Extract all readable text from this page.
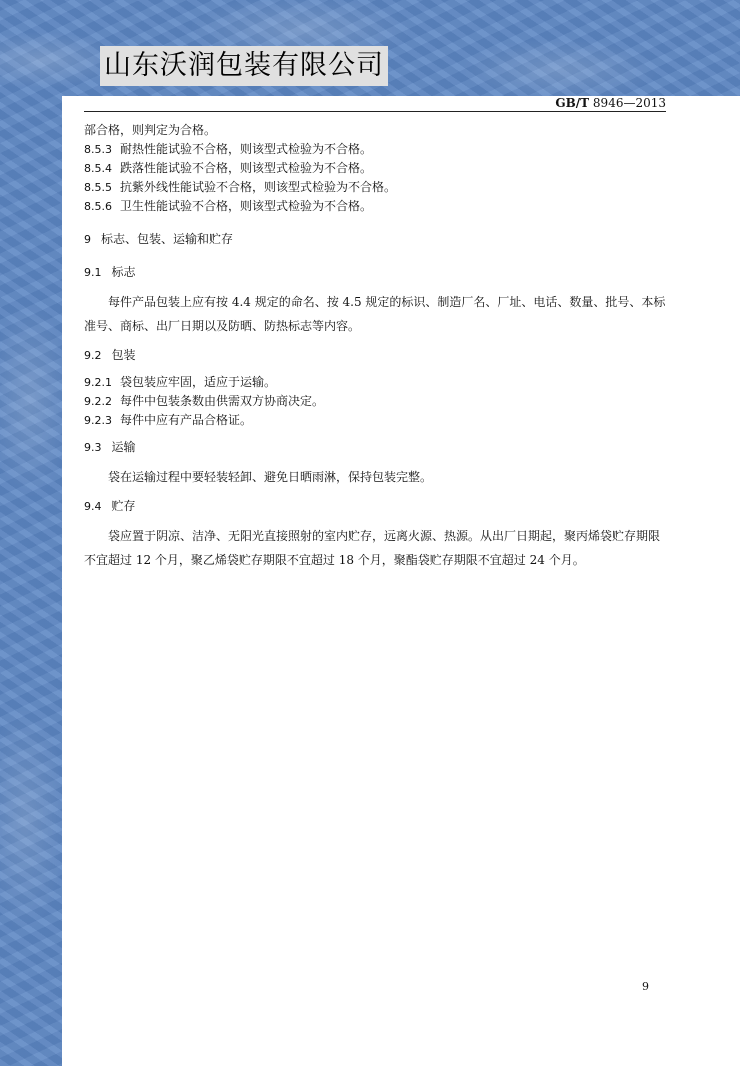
山东沃润包装有限公司
GB/T 8946—2013
部合格，则判定为合格。
8.5.3 耐热性能试验不合格，则该型式检验为不合格。
8.5.4 跌落性能试验不合格，则该型式检验为不合格。
8.5.5 抗紫外线性能试验不合格，则该型式检验为不合格。
8.5.6 卫生性能试验不合格，则该型式检验为不合格。
9 标志、包装、运输和贮存
9.1 标志
每件产品包装上应有按 4.4 规定的命名、按 4.5 规定的标识、制造厂名、厂址、电话、数量、批号、本标准号、商标、出厂日期以及防晒、防热标志等内容。
9.2 包装
9.2.1 袋包装应牢固，适应于运输。
9.2.2 每件中包装条数由供需双方协商决定。
9.2.3 每件中应有产品合格证。
9.3 运输
袋在运输过程中要轻装轻卸、避免日晒雨淋，保持包装完整。
9.4 贮存
袋应置于阴凉、洁净、无阳光直接照射的室内贮存，远离火源、热源。从出厂日期起，聚丙烯袋贮存期限不宜超过 12 个月，聚乙烯袋贮存期限不宜超过 18 个月，聚酯袋贮存期限不宜超过 24 个月。
9
